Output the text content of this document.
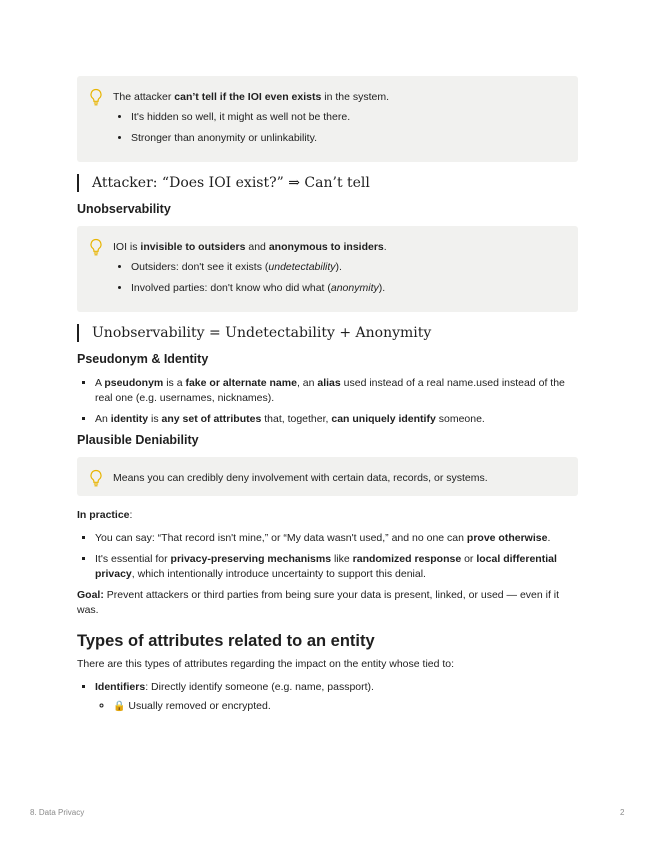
The attacker can’t tell if the IOI even exists in the system.
• It's hidden so well, it might as well not be there.
• Stronger than anonymity or unlinkability.
Attacker: “Does IOI exist?” ⇒ Can’t tell
Unobservability
IOI is invisible to outsiders and anonymous to insiders.
• Outsiders: don't see it exists (undetectability).
• Involved parties: don't know who did what (anonymity).
Unobservability = Undetectability + Anonymity
Pseudonym & Identity
▪ A pseudonym is a fake or alternate name, an alias used instead of a real name.used instead of the real one (e.g. usernames, nicknames).
▪ An identity is any set of attributes that, together, can uniquely identify someone.
Plausible Deniability
Means you can credibly deny involvement with certain data, records, or systems.

In practice:

▪ You can say: “That record isn't mine,” or “My data wasn't used,” and no one can prove otherwise.
▪ It's essential for privacy-preserving mechanisms like randomized response or local differential privacy, which intentionally introduce uncertainty to support this denial.

Goal: Prevent attackers or third parties from being sure your data is present, linked, or used — even if it was.

Types of attributes related to an entity

There are this types of attributes regarding the impact on the entity whose tied to:

▪ Identifiers: Directly identify someone (e.g. name, passport).
◦ 🔒 Usually removed or encrypted.
8. Data Privacy	2
